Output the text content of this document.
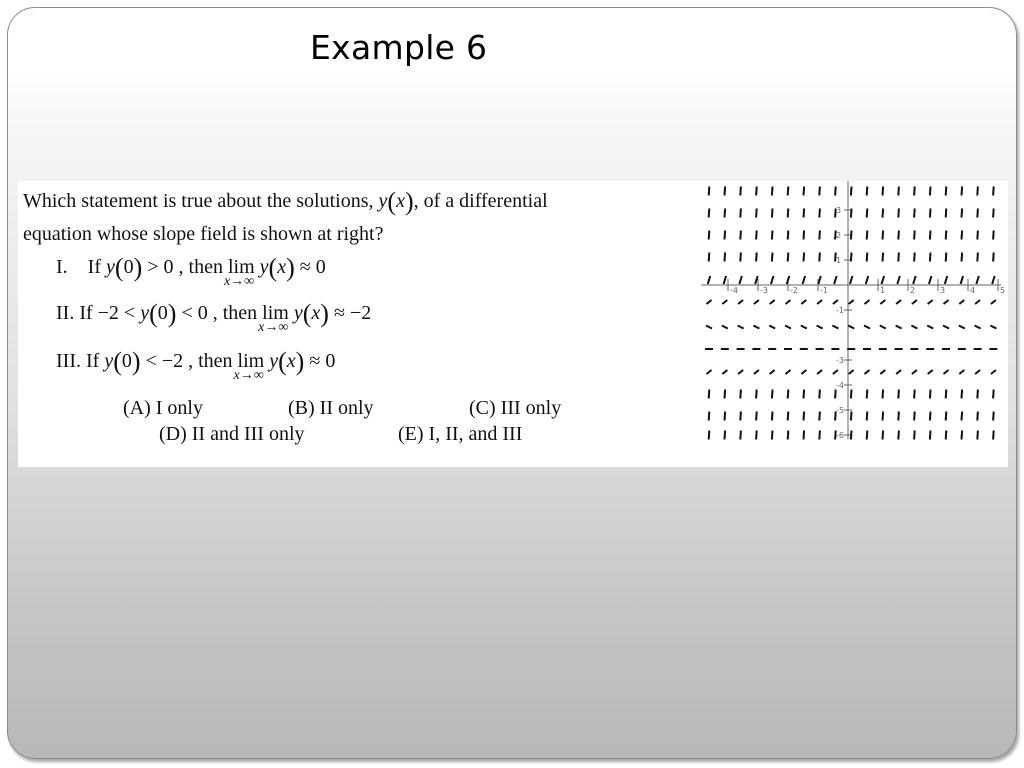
Example 6
Which statement is true about the solutions, y(x), of a differential
equation whose slope field is shown at right?
I. If y(0) > 0 , then lim
x→∞
y(x) ≈ 0
II. If −2 < y(0) < 0 , then lim
x→∞
y(x) ≈ −2
III. If y(0) < −2 , then lim
x→∞
y(x) ≈ 0
(A) I only	(B) II only	(C) III only
(D) II and III only	(E) I, II, and III
-4	-3	-2	-1	1	2	3	4	5
3
2
1
-1
-3
-4
-5
-6
